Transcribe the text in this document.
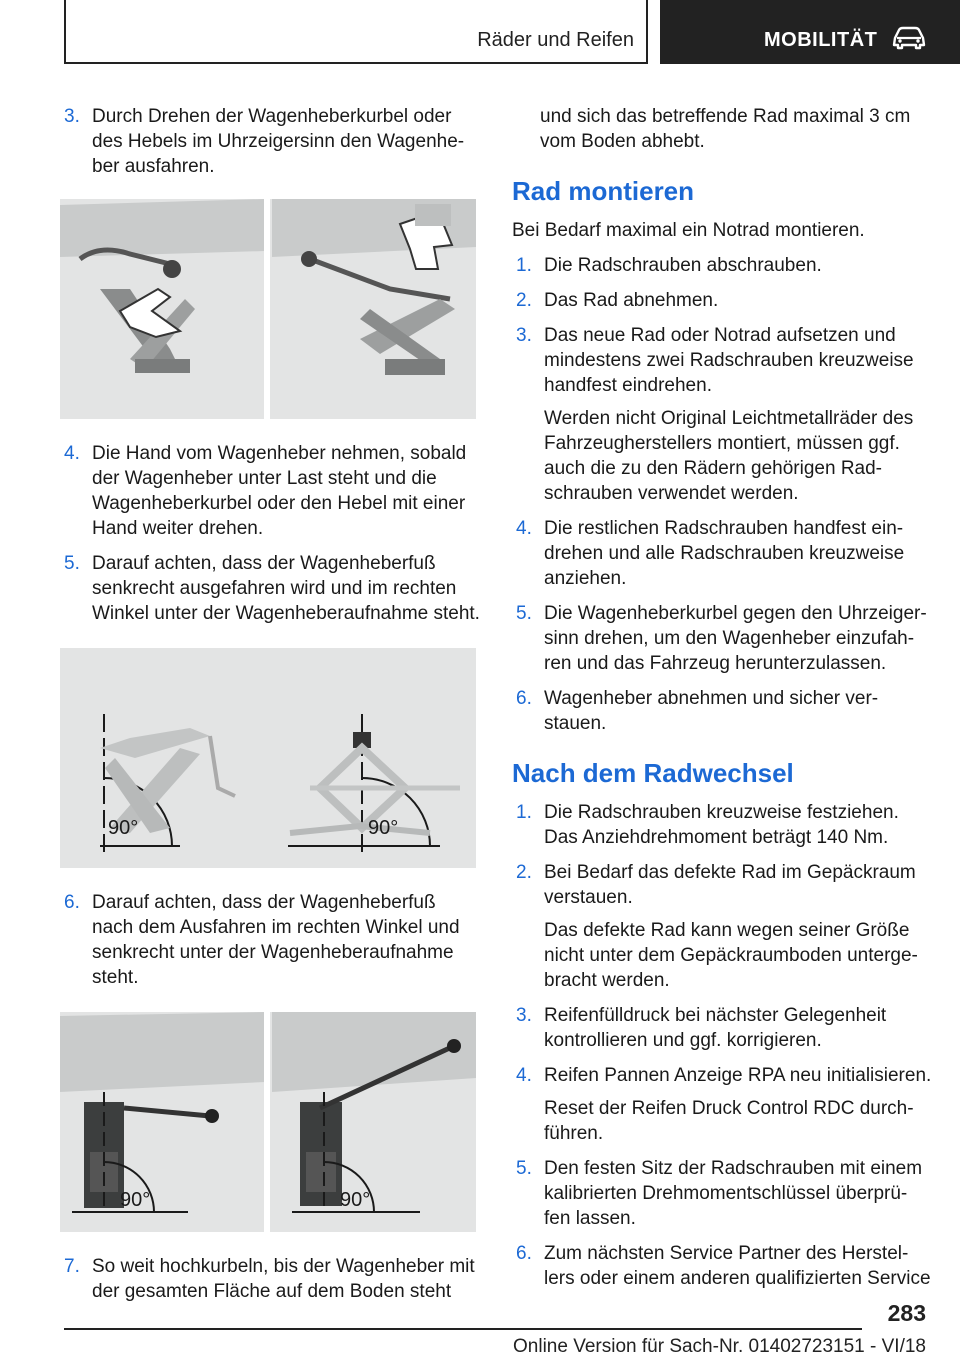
Räder und Reifen	MOBILITÄT
3. Durch Drehen der Wagenheberkurbel oder des Hebels im Uhrzeigersinn den Wagenhe‐ ber ausfahren.
4. Die Hand vom Wagenheber nehmen, sobald der Wagenheber unter Last steht und die Wagenheberkurbel oder den Hebel mit einer Hand weiter drehen.
5. Darauf achten, dass der Wagenheberfuß senkrecht ausgefahren wird und im rechten Winkel unter der Wagenheberaufnahme steht.
90°	90°
6. Darauf achten, dass der Wagenheberfuß nach dem Ausfahren im rechten Winkel und senkrecht unter der Wagenheberaufnahme steht.
90°	90°
7. So weit hochkurbeln, bis der Wagenheber mit der gesamten Fläche auf dem Boden steht
und sich das betreffende Rad maximal 3 cm vom Boden abhebt.
Rad montieren

Bei Bedarf maximal ein Notrad montieren.

1. Die Radschrauben abschrauben.
2. Das Rad abnehmen.
3. Das neue Rad oder Notrad aufsetzen und mindestens zwei Radschrauben kreuzweise handfest eindrehen.
Werden nicht Original Leichtmetallräder des Fahrzeugherstellers montiert, müssen ggf. auch die zu den Rädern gehörigen Rad‐ schrauben verwendet werden.
4. Die restlichen Radschrauben handfest ein‐ drehen und alle Radschrauben kreuzweise anziehen.
5. Die Wagenheberkurbel gegen den Uhrzeiger‐ sinn drehen, um den Wagenheber einzufah‐ ren und das Fahrzeug herunterzulassen.
6. Wagenheber abnehmen und sicher ver‐ stauen.
Nach dem Radwechsel
1. Die Radschrauben kreuzweise festziehen. Das Anziehdrehmoment beträgt 140 Nm.
2. Bei Bedarf das defekte Rad im Gepäckraum verstauen.
Das defekte Rad kann wegen seiner Größe nicht unter dem Gepäckraumboden unterge‐ bracht werden.
3. Reifenfülldruck bei nächster Gelegenheit kontrollieren und ggf. korrigieren.
4. Reifen Pannen Anzeige RPA neu initialisieren.
Reset der Reifen Druck Control RDC durch‐ führen.
5. Den festen Sitz der Radschrauben mit einem kalibrierten Drehmomentschlüssel überprü‐ fen lassen.
6. Zum nächsten Service Partner des Herstel‐ lers oder einem anderen qualifizierten Service
283
Online Version für Sach-Nr. 01402723151 - VI/18
